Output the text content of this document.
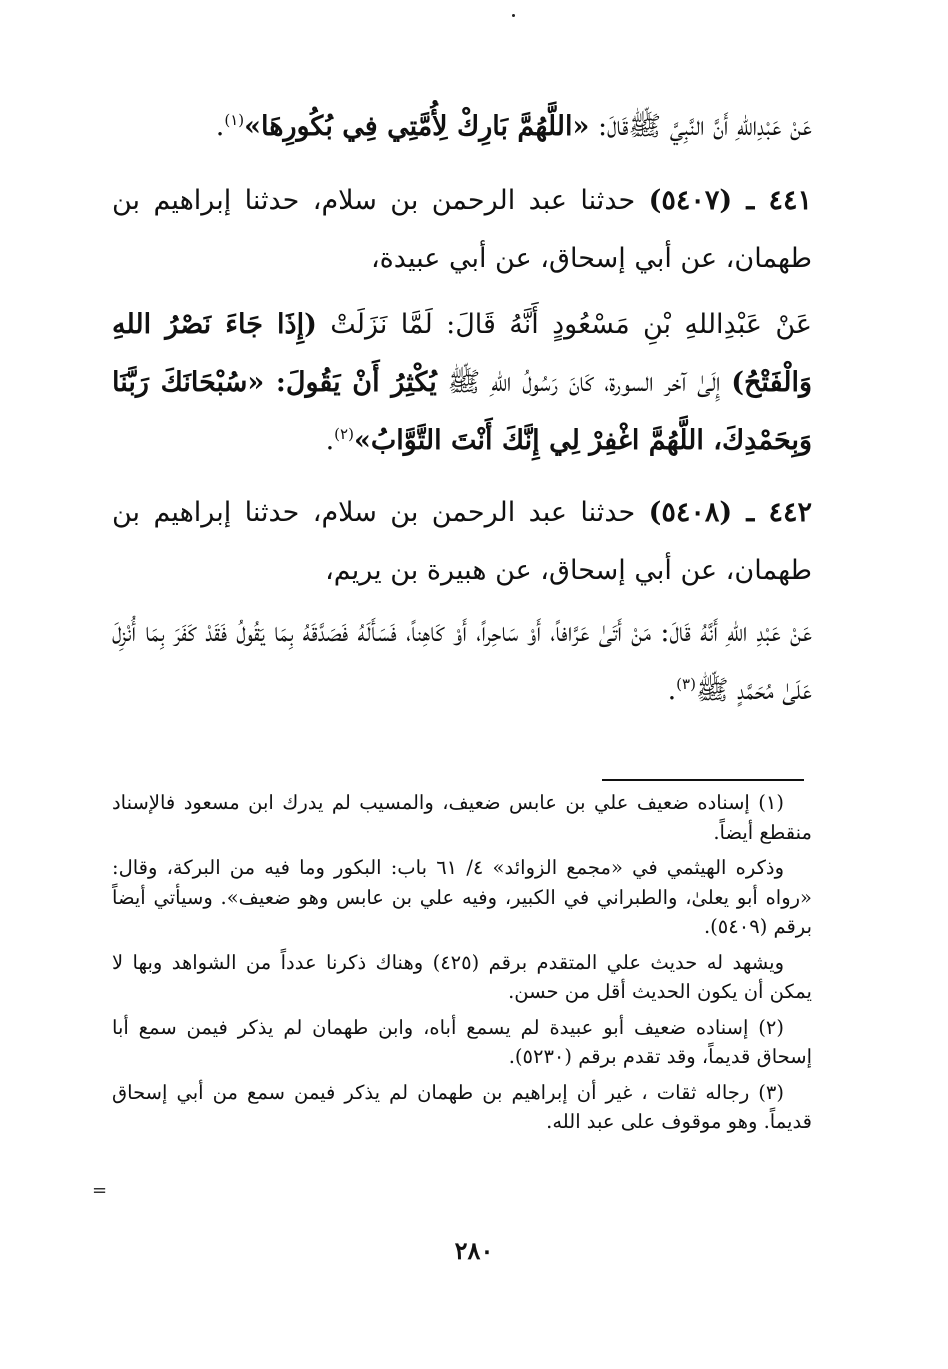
عَنْ عَبْدِاللهِ أَنَّ النَّبِيَّ ﷺقَالَ: «اللَّهُمَّ بَارِكْ لِأُمَّتِي فِي بُكُورِهَا»$^{(١)}$.

٤٤١ ـ (٥٤٠٧) حدثنا عبد الرحمن بن سلام، حدثنا إبراهيم بن طهمان، عن أبي إسحاق، عن أبي عبيدة،

عَنْ عَبْدِاللهِ بْنِ مَسْعُودٍ أَنَّهُ قَالَ: لَمَّا نَزَلَتْ (إِذَا جَاءَ نَصْرُ اللهِ وَالْفَتْحُ) إِلَىٰ آخر السورة، كَانَ رَسُولُ اللهِ ﷺ يُكْثِرُ أَنْ يَقُولَ: «سُبْحَانَكَ رَبَّنَا وَبِحَمْدِكَ، اللَّهُمَّ اغْفِرْ لِي إِنَّكَ أَنْتَ التَّوَّابُ»$^{(٢)}$.

٤٤٢ ـ (٥٤٠٨) حدثنا عبد الرحمن بن سلام، حدثنا إبراهيم بن طهمان، عن أبي إسحاق، عن هبيرة بن يريم،

عَنْ عَبْدِ اللهِ أَنَّهُ قَالَ: مَنْ أَتَىٰ عَرَّافاً، أَوْ سَاحِراً، أَوْ كَاهِناً، فَسَأَلَهُ فَصَدَّقَهُ بِمَا يَقُولُ فَقَدْ كَفَرَ بِمَا أُنْزِلَ عَلَىٰ مُحَمَّدٍ ﷺ$^{(٣)}$.

(١) إسناده ضعيف علي بن عابس ضعيف، والمسيب لم يدرك ابن مسعود فالإسناد منقطع أيضاً.

وذكره الهيثمي في «مجمع الزوائد» ٤/ ٦١ باب: البكور وما فيه من البركة، وقال: «رواه أبو يعلىٰ، والطبراني في الكبير، وفيه علي بن عابس وهو ضعيف». وسيأتي أيضاً برقم (٥٤٠٩).

ويشهد له حديث علي المتقدم برقم (٤٢٥) وهناك ذكرنا عدداً من الشواهد وبها لا يمكن أن يكون الحديث أقل من حسن.

(٢) إسناده ضعيف أبو عبيدة لم يسمع أباه، وابن طهمان لم يذكر فيمن سمع أبا إسحاق قديماً، وقد تقدم برقم (٥٢٣٠).

(٣) رجاله ثقات ، غير أن إبراهيم بن طهمان لم يذكر فيمن سمع من أبي إسحاق قديماً. وهو موقوف على عبد الله.

=
٢٨٠
